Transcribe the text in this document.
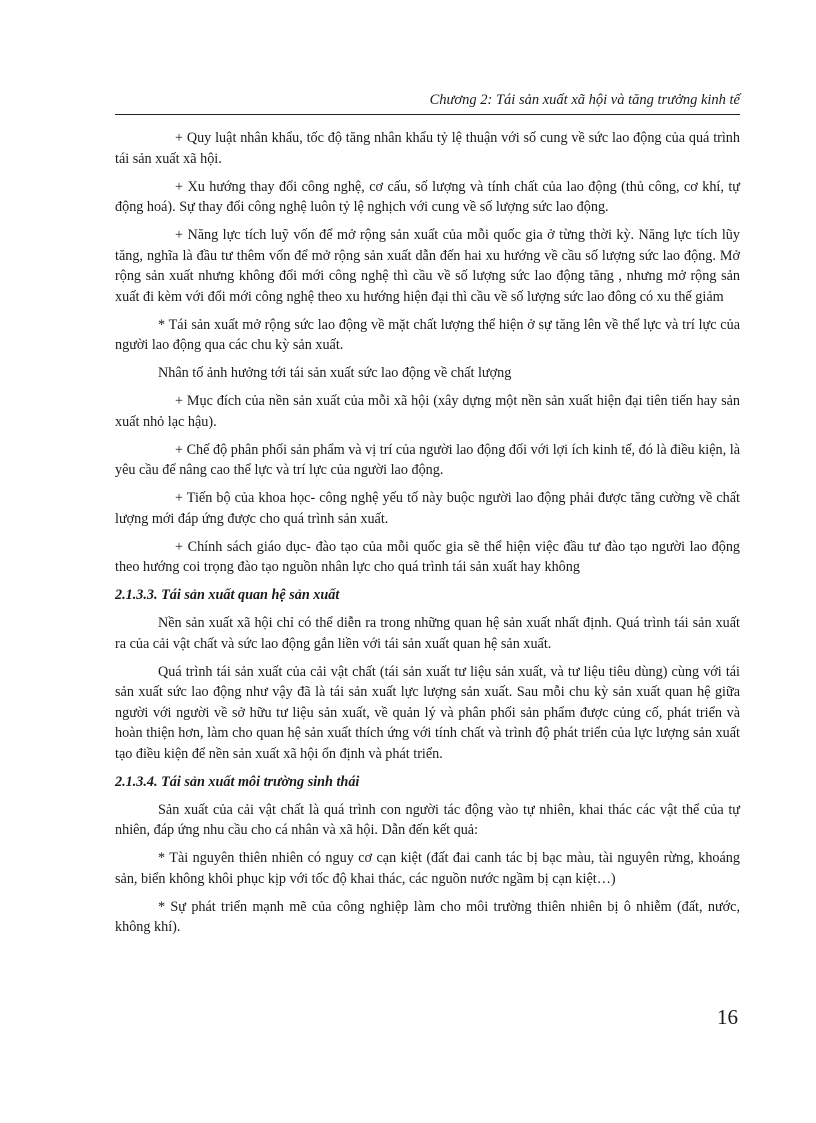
Chương 2: Tái sản xuất xã hội và tăng trưởng kinh tế

+ Quy luật nhân khẩu, tốc độ tăng nhân khẩu tỷ lệ thuận với số cung về sức lao động của quá trình tái sản xuất xã hội.

+ Xu hướng thay đổi công nghệ, cơ cấu, số lượng và tính chất của lao động (thủ công, cơ khí, tự động hoá). Sự thay đổi công nghệ luôn tỷ lệ nghịch với cung về số lượng sức lao động.

+ Năng lực tích luỹ vốn để mở rộng sản xuất của mỗi quốc gia ở từng thời kỳ. Năng lực tích lũy tăng, nghĩa là đầu tư thêm vốn để mở rộng sản xuất dẫn đến hai xu hướng về cầu số lượng sức lao động. Mở rộng sản xuất nhưng không đổi mới công nghệ thì cầu về số lượng sức lao động tăng , nhưng mở rộng sản xuất đi kèm với đổi mới công nghệ theo xu hướng hiện đại thì cầu về số lượng sức lao đông có xu thế giảm

* Tái sản xuất mở rộng sức lao động về mặt chất lượng thể hiện ở sự tăng lên về thể lực và trí lực của người lao động qua các chu kỳ sản xuất.

Nhân tố ảnh hưởng tới tái sản xuất sức lao động về chất lượng

+ Mục đích của nền sản xuất của mỗi xã hội (xây dựng một nền sản xuất hiện đại tiên tiến hay sản xuất nhỏ lạc hậu).

+ Chế độ phân phối sản phẩm và vị trí của người lao động đối với lợi ích kinh tế, đó là điều kiện, là yêu cầu để nâng cao thể lực và trí lực của người lao động.

+ Tiến bộ của khoa học- công nghệ yếu tố này buộc người lao động phải được tăng cường về chất lượng mới đáp ứng được cho quá trình sản xuất.

+ Chính sách giáo dục- đào tạo của mỗi quốc gia sẽ thể hiện việc đầu tư đào tạo người lao động theo hướng coi trọng đào tạo nguồn nhân lực cho quá trình tái sản xuất hay không

2.1.3.3. Tái sản xuất quan hệ sản xuất

Nền sản xuất xã hội chỉ có thể diễn ra trong những quan hệ sản xuất nhất định. Quá trình tái sản xuất ra của cải vật chất và sức lao động gắn liền với tái sản xuất quan hệ sản xuất.

Quá trình tái sản xuất của cải vật chất (tái sản xuất tư liệu sản xuất, và tư liệu tiêu dùng) cùng với tái sản xuất sức lao động như vậy đã là tái sản xuất lực lượng sản xuất. Sau mỗi chu kỳ sản xuất quan hệ giữa người với người về sở hữu tư liệu sản xuất, về quản lý và phân phối sản phẩm được củng cố, phát triển và hoàn thiện hơn, làm cho quan hệ sản xuất thích ứng với tính chất và trình độ phát triển của lực lượng sản xuất tạo điều kiện để nền sản xuất xã hội ổn định và phát triển.

2.1.3.4. Tái sản xuất môi trường sinh thái

Sản xuất của cải vật chất là quá trình con người tác động vào tự nhiên, khai thác các vật thể của tự nhiên, đáp ứng nhu cầu cho cá nhân và xã hội. Dẫn đến kết quả:

* Tài nguyên thiên nhiên có nguy cơ cạn kiệt (đất đai canh tác bị bạc màu, tài nguyên rừng, khoáng sản, biển không khôi phục kịp với tốc độ khai thác, các nguồn nước ngầm bị cạn kiệt…)

* Sự phát triển mạnh mẽ của công nghiệp làm cho môi trường thiên nhiên bị ô nhiễm (đất, nước, không khí).

16
